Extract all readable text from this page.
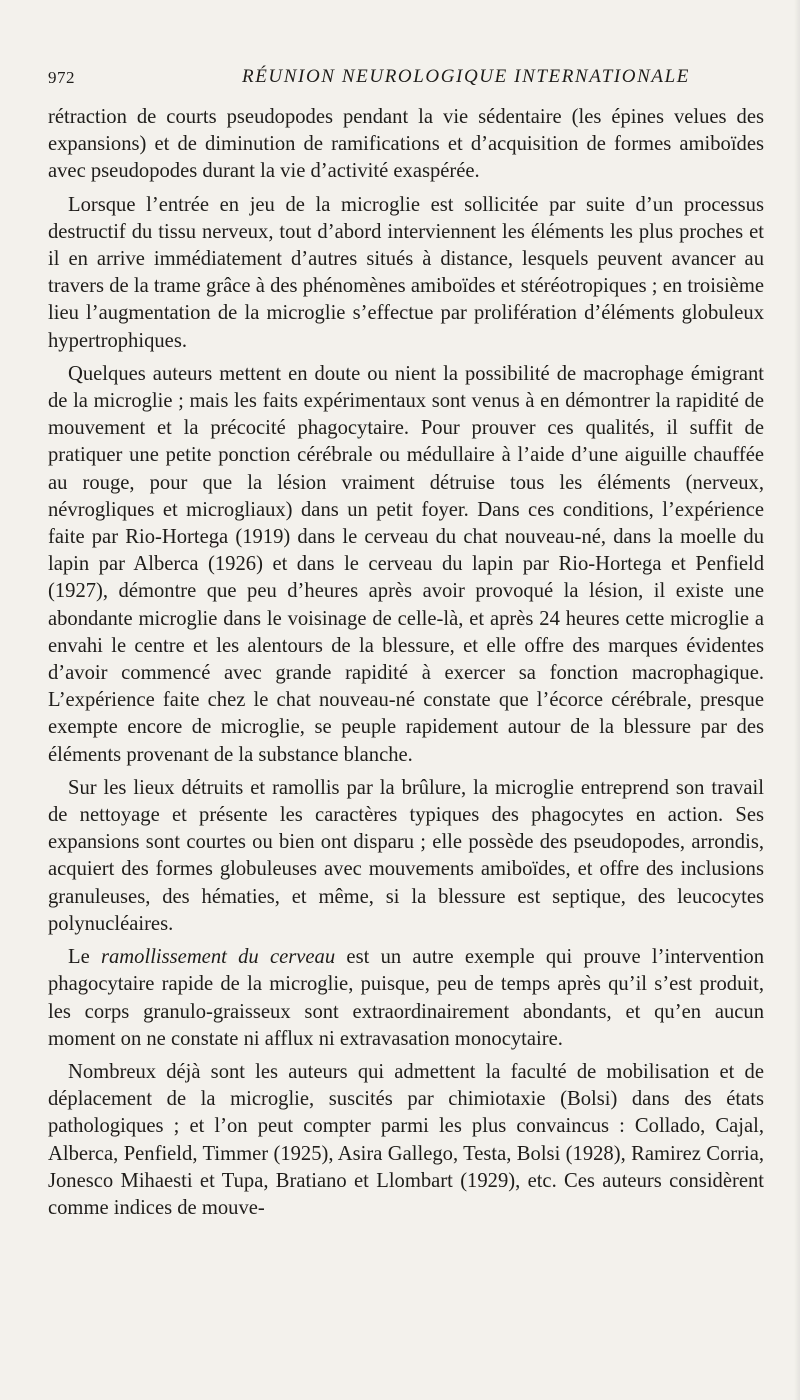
972	RÉUNION NEUROLOGIQUE INTERNATIONALE

rétraction de courts pseudopodes pendant la vie sédentaire (les épines velues des expansions) et de diminution de ramifications et d’acquisition de formes amiboïdes avec pseudopodes durant la vie d’activité exaspérée.

Lorsque l’entrée en jeu de la microglie est sollicitée par suite d’un processus destructif du tissu nerveux, tout d’abord interviennent les éléments les plus proches et il en arrive immédiatement d’autres situés à distance, lesquels peuvent avancer au travers de la trame grâce à des phénomènes amiboïdes et stéréotropiques ; en troisième lieu l’augmentation de la microglie s’effectue par prolifération d’éléments globuleux hypertrophiques.

Quelques auteurs mettent en doute ou nient la possibilité de macrophage émigrant de la microglie ; mais les faits expérimentaux sont venus à en démontrer la rapidité de mouvement et la précocité phagocytaire. Pour prouver ces qualités, il suffit de pratiquer une petite ponction cérébrale ou médullaire à l’aide d’une aiguille chauffée au rouge, pour que la lésion vraiment détruise tous les éléments (nerveux, névrogliques et microgliaux) dans un petit foyer. Dans ces conditions, l’expérience faite par Rio-Hortega (1919) dans le cerveau du chat nouveau-né, dans la moelle du lapin par Alberca (1926) et dans le cerveau du lapin par Rio-Hortega et Penfield (1927), démontre que peu d’heures après avoir provoqué la lésion, il existe une abondante microglie dans le voisinage de celle-là, et après 24 heures cette microglie a envahi le centre et les alentours de la blessure, et elle offre des marques évidentes d’avoir commencé avec grande rapidité à exercer sa fonction macrophagique. L’expérience faite chez le chat nouveau-né constate que l’écorce cérébrale, presque exempte encore de microglie, se peuple rapidement autour de la blessure par des éléments provenant de la substance blanche.

Sur les lieux détruits et ramollis par la brûlure, la microglie entreprend son travail de nettoyage et présente les caractères typiques des phagocytes en action. Ses expansions sont courtes ou bien ont disparu ; elle possède des pseudopodes, arrondis, acquiert des formes globuleuses avec mouvements amiboïdes, et offre des inclusions granuleuses, des hématies, et même, si la blessure est septique, des leucocytes polynucléaires.

Le ramollissement du cerveau est un autre exemple qui prouve l’intervention phagocytaire rapide de la microglie, puisque, peu de temps après qu’il s’est produit, les corps granulo-graisseux sont extraordinairement abondants, et qu’en aucun moment on ne constate ni afflux ni extravasation monocytaire.

Nombreux déjà sont les auteurs qui admettent la faculté de mobilisation et de déplacement de la microglie, suscités par chimiotaxie (Bolsi) dans des états pathologiques ; et l’on peut compter parmi les plus convaincus : Collado, Cajal, Alberca, Penfield, Timmer (1925), Asira Gallego, Testa, Bolsi (1928), Ramirez Corria, Jonesco Mihaesti et Tupa, Bratiano et Llombart (1929), etc. Ces auteurs considèrent comme indices de mouve-
